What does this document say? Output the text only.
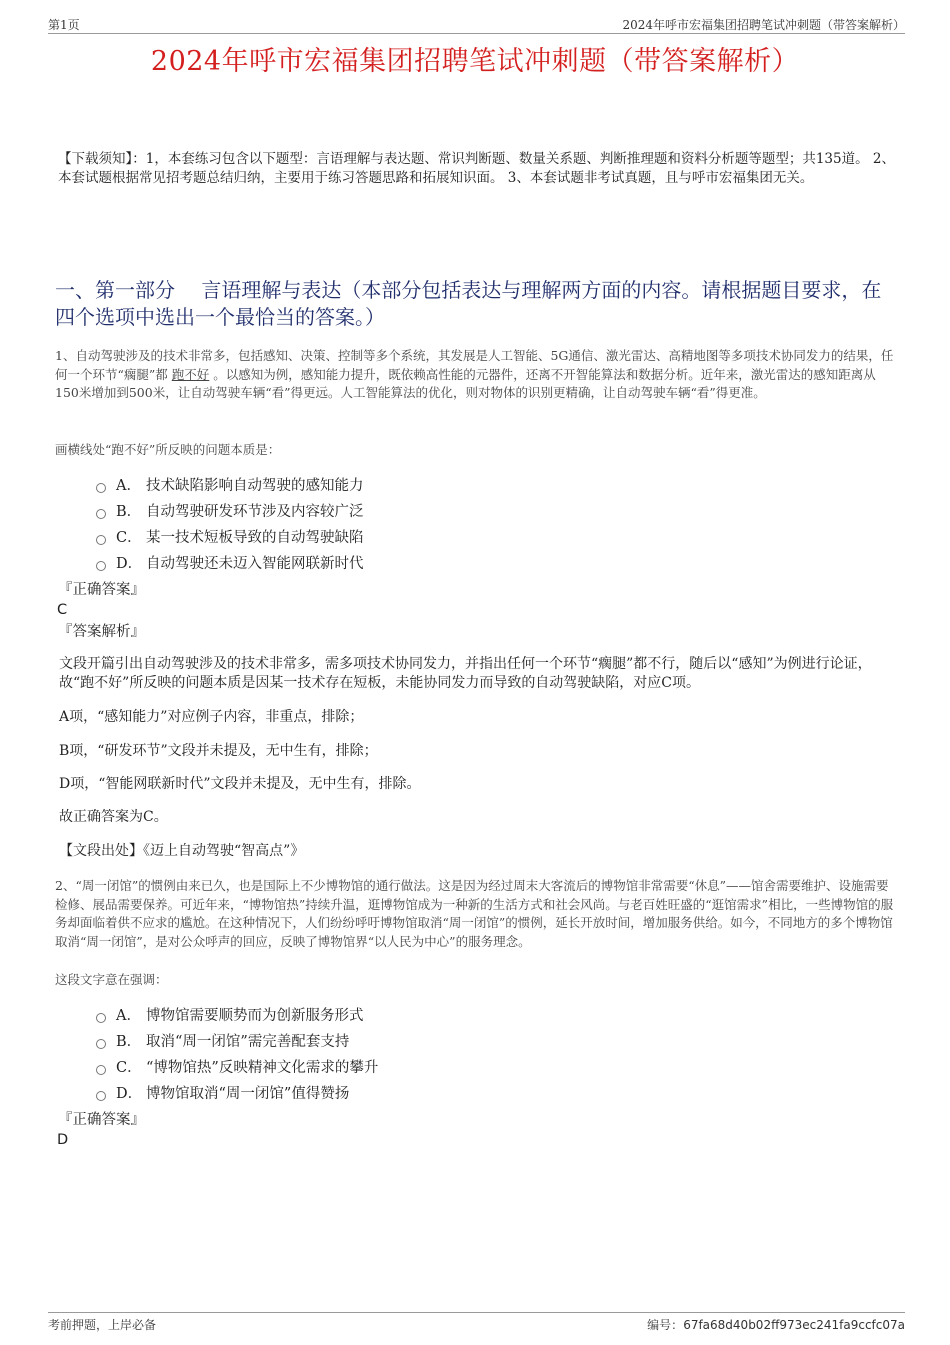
第1页	2024年呼市宏福集团招聘笔试冲刺题（带答案解析）
2024年呼市宏福集团招聘笔试冲刺题（带答案解析）
【下载须知】：1，本套练习包含以下题型：言语理解与表达题、常识判断题、数量关系题、判断推理题和资料分析题等题型；共135道。 2、本套试题根据常见招考题总结归纳，主要用于练习答题思路和拓展知识面。 3、本套试题非考试真题，且与呼市宏福集团无关。
一、第一部分　 言语理解与表达（本部分包括表达与理解两方面的内容。请根据题目要求，在四个选项中选出一个最恰当的答案。）
1、自动驾驶涉及的技术非常多，包括感知、决策、控制等多个系统，其发展是人工智能、5G通信、激光雷达、高精地图等多项技术协同发力的结果，任何一个环节“瘸腿”都 跑不好 。以感知为例，感知能力提升，既依赖高性能的元器件，还离不开智能算法和数据分析。近年来，激光雷达的感知距离从150米增加到500米，让自动驾驶车辆“看”得更远。人工智能算法的优化，则对物体的识别更精确，让自动驾驶车辆“看”得更准。
画横线处“跑不好”所反映的问题本质是：
A． 技术缺陷影响自动驾驶的感知能力
B． 自动驾驶研发环节涉及内容较广泛
C． 某一技术短板导致的自动驾驶缺陷
D． 自动驾驶还未迈入智能网联新时代
『正确答案』
C
『答案解析』
文段开篇引出自动驾驶涉及的技术非常多，需多项技术协同发力，并指出任何一个环节“瘸腿”都不行，随后以“感知”为例进行论证，故“跑不好”所反映的问题本质是因某一技术存在短板，未能协同发力而导致的自动驾驶缺陷，对应C项。
A项，“感知能力”对应例子内容，非重点，排除；
B项，“研发环节”文段并未提及，无中生有，排除；
D项，“智能网联新时代”文段并未提及，无中生有，排除。
故正确答案为C。
【文段出处】《迈上自动驾驶“智高点”》
2、“周一闭馆”的惯例由来已久，也是国际上不少博物馆的通行做法。这是因为经过周末大客流后的博物馆非常需要“休息”——馆舍需要维护、设施需要检修、展品需要保养。可近年来，“博物馆热”持续升温，逛博物馆成为一种新的生活方式和社会风尚。与老百姓旺盛的“逛馆需求”相比，一些博物馆的服务却面临着供不应求的尴尬。在这种情况下，人们纷纷呼吁博物馆取消“周一闭馆”的惯例，延长开放时间，增加服务供给。如今，不同地方的多个博物馆取消“周一闭馆”，是对公众呼声的回应，反映了博物馆界“以人民为中心”的服务理念。
这段文字意在强调：
A． 博物馆需要顺势而为创新服务形式
B． 取消“周一闭馆”需完善配套支持
C． “博物馆热”反映精神文化需求的攀升
D． 博物馆取消“周一闭馆”值得赞扬
『正确答案』
D
考前押题，上岸必备	编号：67fa68d40b02ff973ec241fa9ccfc07a
